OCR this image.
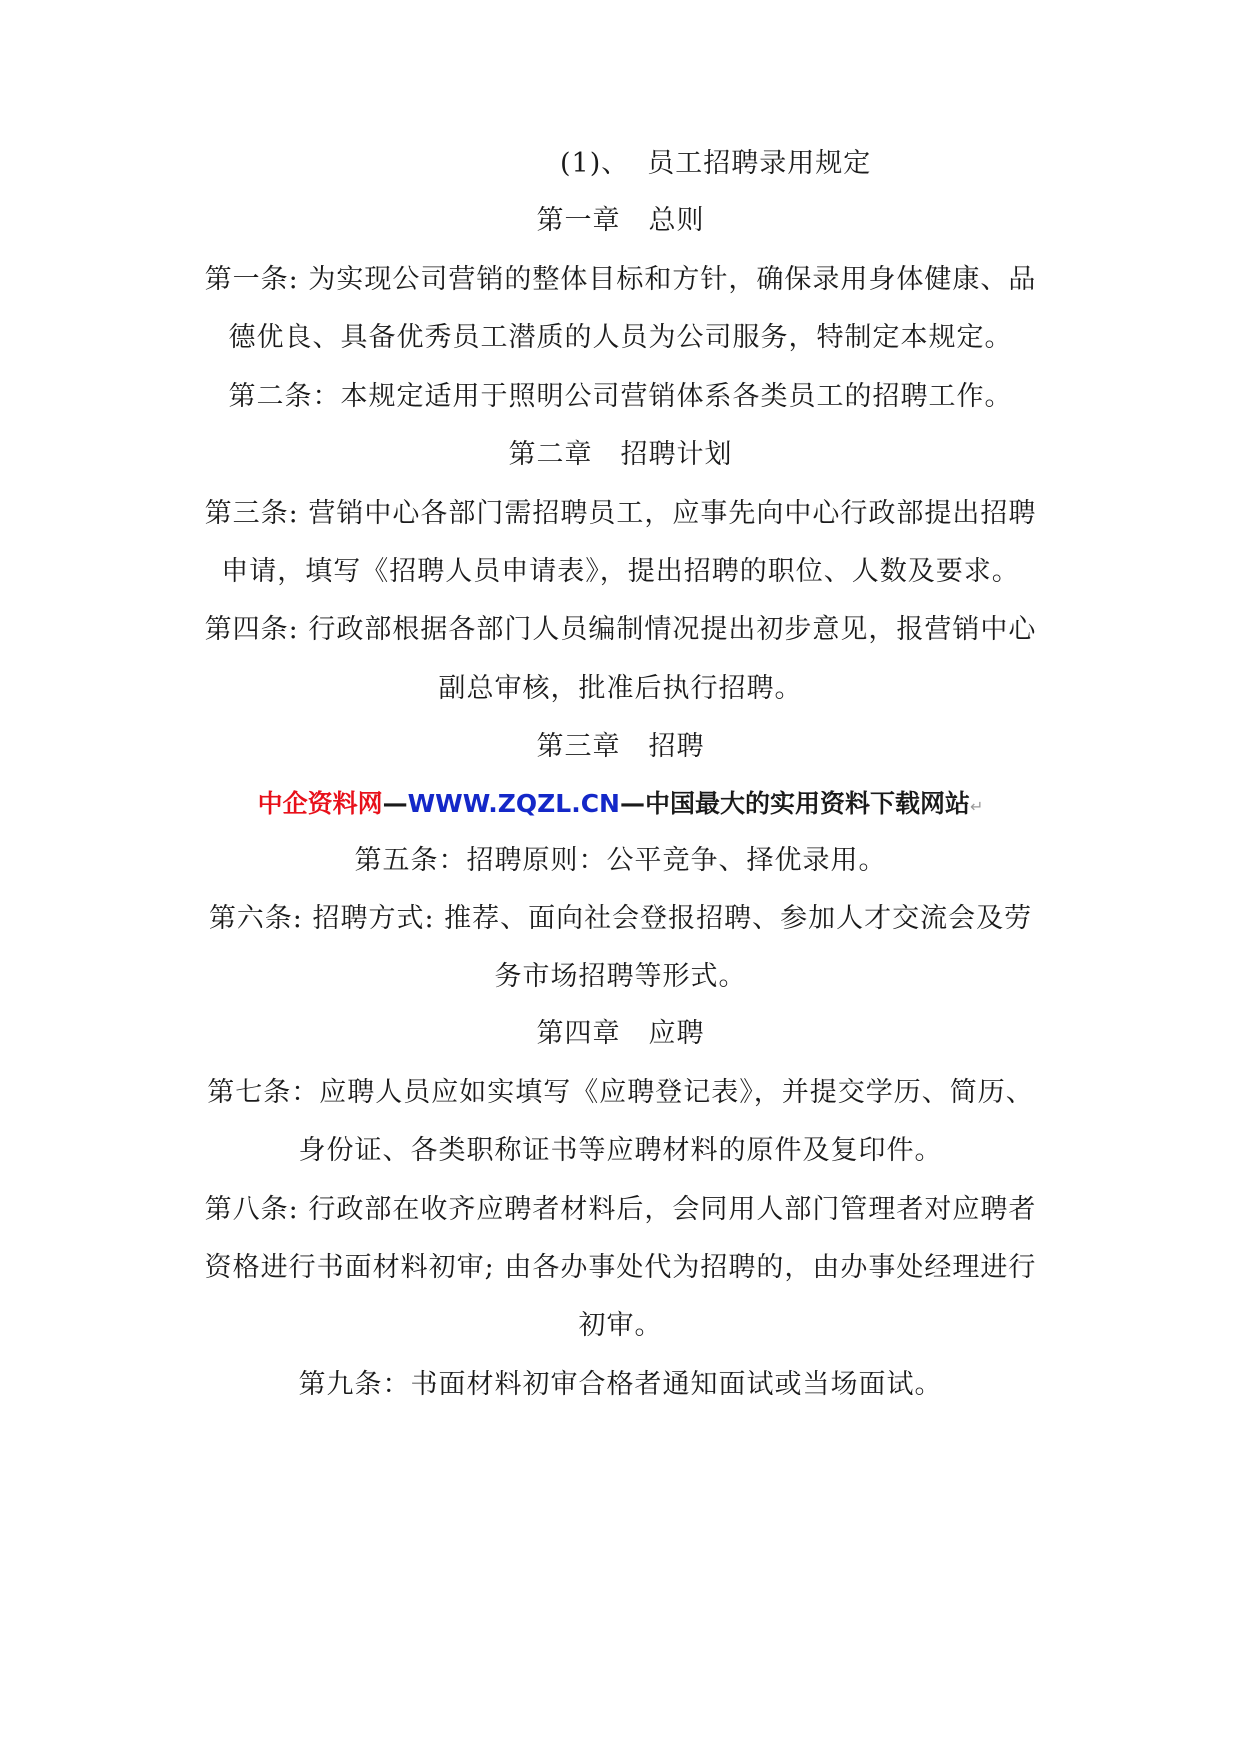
(1)、 员工招聘录用规定
第一章 总则
第一条: 为实现公司营销的整体目标和方针，确保录用身体健康、品
德优良、具备优秀员工潜质的人员为公司服务，特制定本规定。
第二条：本规定适用于照明公司营销体系各类员工的招聘工作。
第二章 招聘计划
第三条: 营销中心各部门需招聘员工，应事先向中心行政部提出招聘
申请，填写《招聘人员申请表》，提出招聘的职位、人数及要求。
第四条: 行政部根据各部门人员编制情况提出初步意见，报营销中心
副总审核，批准后执行招聘。
第三章 招聘
中企资料网—WWW.ZQZL.CN—中国最大的实用资料下载网站↵
第五条：招聘原则：公平竞争、择优录用。
第六条: 招聘方式: 推荐、面向社会登报招聘、参加人才交流会及劳
务市场招聘等形式。
第四章 应聘
第七条：应聘人员应如实填写《应聘登记表》，并提交学历、简历、
身份证、各类职称证书等应聘材料的原件及复印件。
第八条: 行政部在收齐应聘者材料后，会同用人部门管理者对应聘者
资格进行书面材料初审; 由各办事处代为招聘的，由办事处经理进行
初审。
第九条：书面材料初审合格者通知面试或当场面试。
